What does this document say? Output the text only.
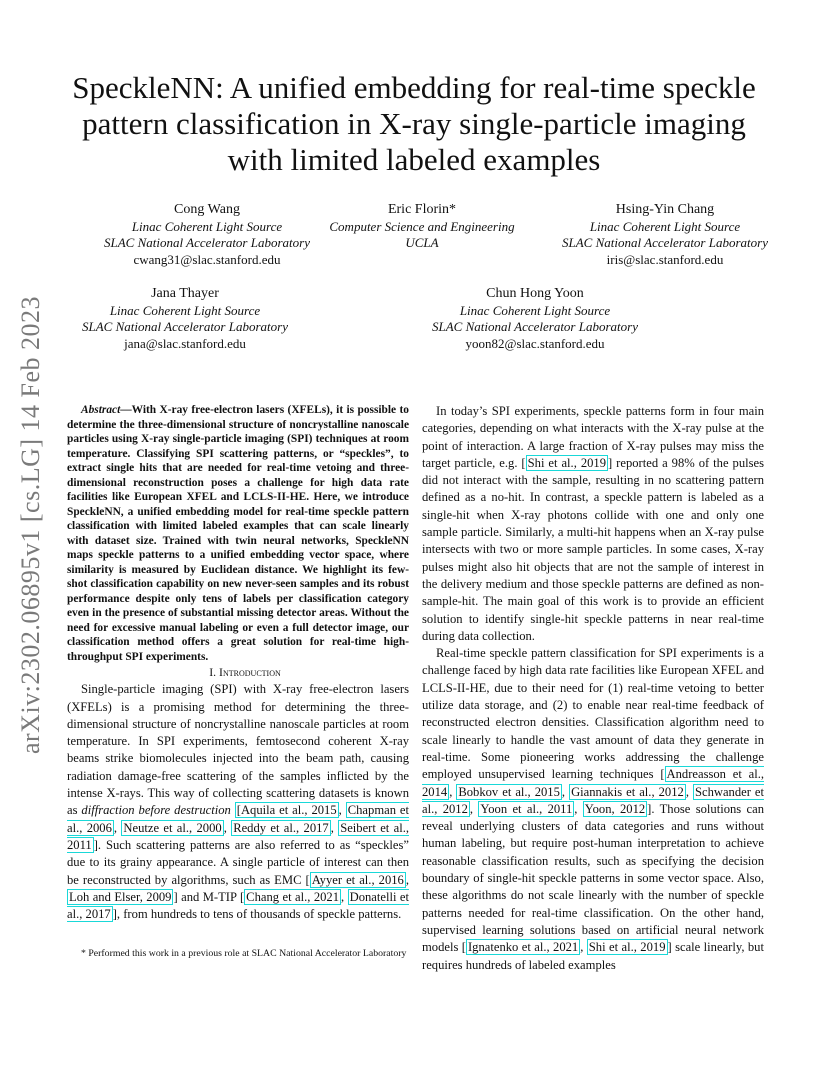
arXiv:2302.06895v1 [cs.LG] 14 Feb 2023
SpeckleNN: A unified embedding for real-time speckle pattern classification in X-ray single-particle imaging with limited labeled examples
Cong Wang
Linac Coherent Light Source
SLAC National Accelerator Laboratory
cwang31@slac.stanford.edu
Eric Florin*
Computer Science and Engineering
UCLA
Hsing-Yin Chang
Linac Coherent Light Source
SLAC National Accelerator Laboratory
iris@slac.stanford.edu
Jana Thayer
Linac Coherent Light Source
SLAC National Accelerator Laboratory
jana@slac.stanford.edu
Chun Hong Yoon
Linac Coherent Light Source
SLAC National Accelerator Laboratory
yoon82@slac.stanford.edu

Abstract—With X-ray free-electron lasers (XFELs), it is possible to determine the three-dimensional structure of noncrystalline nanoscale particles using X-ray single-particle imaging (SPI) techniques at room temperature. Classifying SPI scattering patterns, or “speckles”, to extract single hits that are needed for real-time vetoing and three-dimensional reconstruction poses a challenge for high data rate facilities like European XFEL and LCLS-II-HE. Here, we introduce SpeckleNN, a unified embedding model for real-time speckle pattern classification with limited labeled examples that can scale linearly with dataset size. Trained with twin neural networks, SpeckleNN maps speckle patterns to a unified embedding vector space, where similarity is measured by Euclidean distance. We highlight its few-shot classification capability on new never-seen samples and its robust performance despite only tens of labels per classification category even in the presence of substantial missing detector areas. Without the need for excessive manual labeling or even a full detector image, our classification method offers a great solution for real-time high-throughput SPI experiments.

I. Introduction

Single-particle imaging (SPI) with X-ray free-electron lasers (XFELs) is a promising method for determining the three-dimensional structure of noncrystalline nanoscale particles at room temperature. In SPI experiments, femtosecond coherent X-ray beams strike biomolecules injected into the beam path, causing radiation damage-free scattering of the samples inflicted by the intense X-rays. This way of collecting scattering datasets is known as diffraction before destruction [Aquila et al., 2015 , Chapman et al., 2006 , Neutze et al., 2000 , Reddy et al., 2017 , Seibert et al., 2011 ]. Such scattering patterns are also referred to as “speckles” due to its grainy appearance. A single particle of interest can then be reconstructed by algorithms, such as EMC [ Ayyer et al., 2016 , Loh and Elser, 2009 ] and M-TIP [ Chang et al., 2021 , Donatelli et al., 2017 ], from hundreds to tens of thousands of speckle patterns.

* Performed this work in a previous role at SLAC National Accelerator Laboratory

In today’s SPI experiments, speckle patterns form in four main categories, depending on what interacts with the X-ray pulse at the point of interaction. A large fraction of X-ray pulses may miss the target particle, e.g. [ Shi et al., 2019 ] reported a 98% of the pulses did not interact with the sample, resulting in no scattering pattern defined as a no-hit. In contrast, a speckle pattern is labeled as a single-hit when X-ray photons collide with one and only one sample particle. Similarly, a multi-hit happens when an X-ray pulse intersects with two or more sample particles. In some cases, X-ray pulses might also hit objects that are not the sample of interest in the delivery medium and those speckle patterns are defined as non-sample-hit. The main goal of this work is to provide an efficient solution to identify single-hit speckle patterns in near real-time during data collection.

Real-time speckle pattern classification for SPI experiments is a challenge faced by high data rate facilities like European XFEL and LCLS-II-HE, due to their need for (1) real-time vetoing to better utilize data storage, and (2) to enable near real-time feedback of reconstructed electron densities. Classification algorithm need to scale linearly to handle the vast amount of data they generate in real-time. Some pioneering works addressing the challenge employed unsupervised learning techniques [ Andreasson et al., 2014 , Bobkov et al., 2015 , Giannakis et al., 2012 , Schwander et al., 2012 , Yoon et al., 2011 , Yoon, 2012 ]. Those solutions can reveal underlying clusters of data categories and runs without human labeling, but require post-human interpretation to achieve reasonable classification results, such as specifying the decision boundary of single-hit speckle patterns in some vector space. Also, these algorithms do not scale linearly with the number of speckle patterns needed for real-time classification. On the other hand, supervised learning solutions based on artificial neural network models [ Ignatenko et al., 2021 , Shi et al., 2019 ] scale linearly, but requires hundreds of labeled examples
